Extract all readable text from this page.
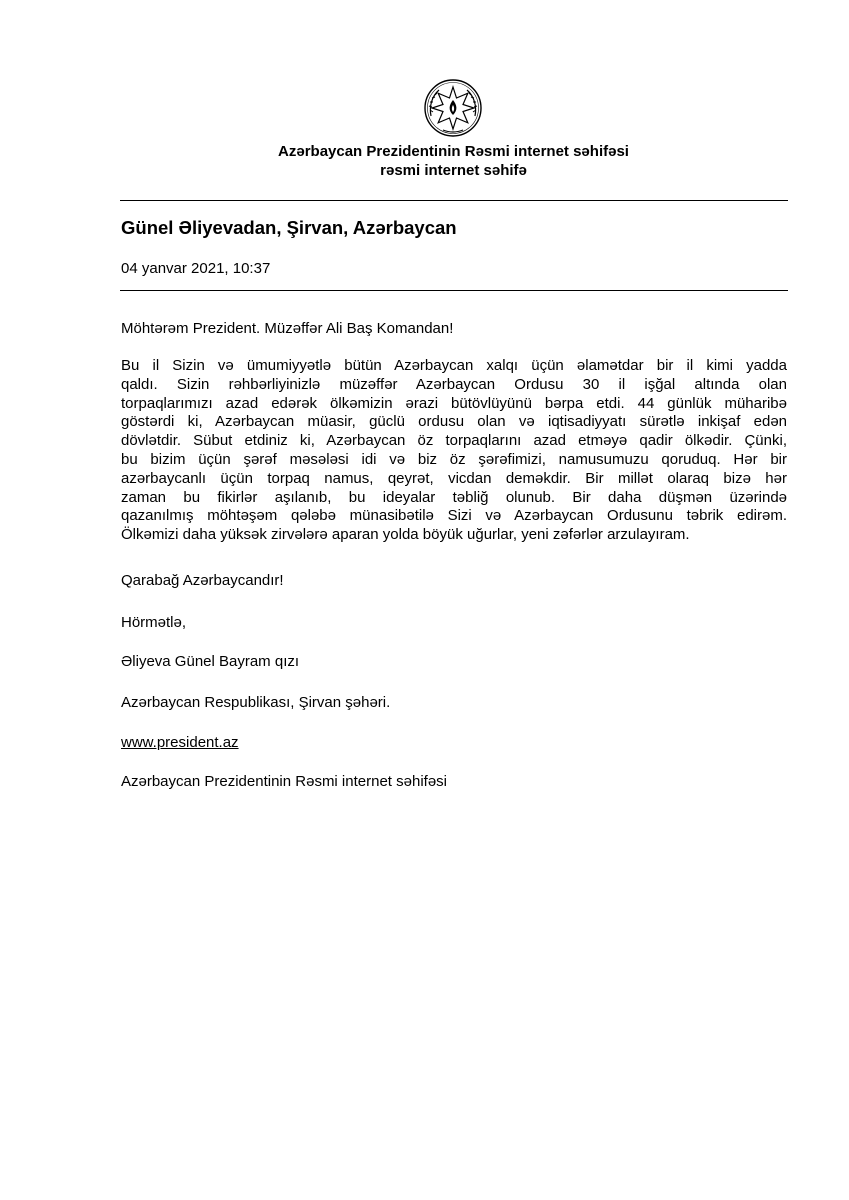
Azərbaycan Prezidentinin Rəsmi internet səhifəsi
rəsmi internet səhifə
Günel Əliyevadan, Şirvan, Azərbaycan
04 yanvar 2021, 10:37
Möhtərəm Prezident. Müzəffər Ali Baş Komandan!
Bu il Sizin və ümumiyyətlə bütün Azərbaycan xalqı üçün əlamətdar bir il kimi yadda
qaldı. Sizin rəhbərliyinizlə müzəffər Azərbaycan Ordusu 30 il işğal altında olan
torpaqlarımızı azad edərək ölkəmizin ərazi bütövlüyünü bərpa etdi. 44 günlük müharibə
göstərdi ki, Azərbaycan müasir, güclü ordusu olan və iqtisadiyyatı sürətlə inkişaf edən
dövlətdir. Sübut etdiniz ki, Azərbaycan öz torpaqlarını azad etməyə qadir ölkədir. Çünki,
bu bizim üçün şərəf məsələsi idi və biz öz şərəfimizi, namusumuzu qoruduq. Hər bir
azərbaycanlı üçün torpaq namus, qeyrət, vicdan deməkdir. Bir millət olaraq bizə hər
zaman bu fikirlər aşılanıb, bu ideyalar təbliğ olunub. Bir daha düşmən üzərində
qazanılmış möhtəşəm qələbə münasibətilə Sizi və Azərbaycan Ordusunu təbrik edirəm.
Ölkəmizi daha yüksək zirvələrə aparan yolda böyük uğurlar, yeni zəfərlər arzulayıram.
Qarabağ Azərbaycandır!
Hörmətlə,
Əliyeva Günel Bayram qızı
Azərbaycan Respublikası, Şirvan şəhəri.
www.president.az
Azərbaycan Prezidentinin Rəsmi internet səhifəsi
